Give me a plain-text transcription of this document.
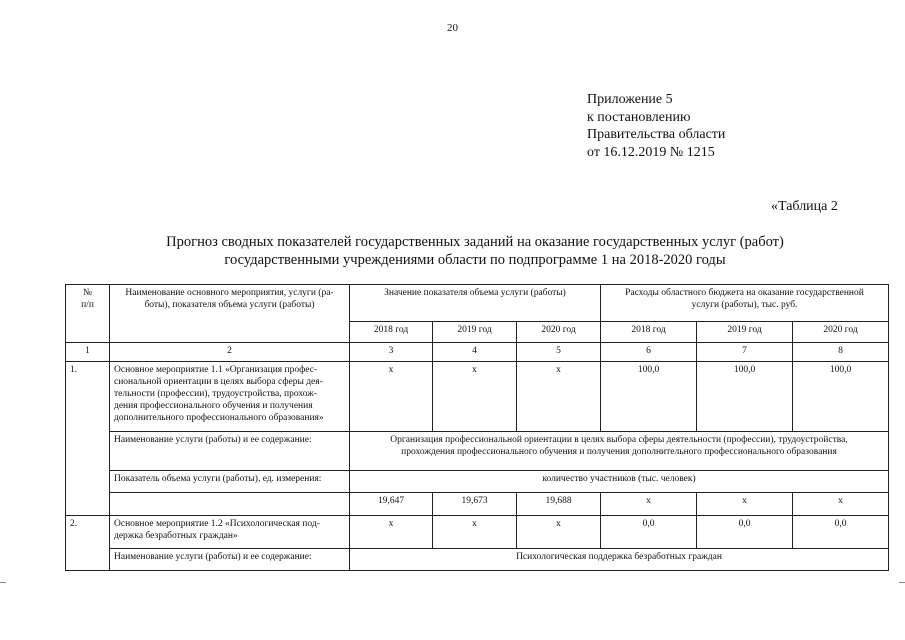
20
Приложение 5
к постановлению
Правительства области
от 16.12.2019 № 1215
«Таблица 2
Прогноз сводных показателей государственных заданий на оказание государственных услуг (работ)
государственными учреждениями области по подпрограмме 1 на 2018-2020 годы
№
п/п	Наименование основного мероприятия, услуги (ра-
боты), показателя объема услуги (работы)	Значение показателя объема услуги (работы)			Расходы областного бюджета на оказание государственной
услуги (работы), тыс. руб.		
		2018 год	2019 год	2020 год	2018 год	2019 год	2020 год
1	2	3	4	5	6	7	8
1.	Основное мероприятие 1.1 «Организация профес-
сиональной ориентации в целях выбора сферы дея-
тельности (профессии), трудоустройства, прохож-
дения профессионального обучения и получения
дополнительного профессионального образования»	х	х	х	100,0	100,0	100,0
	Наименование услуги (работы) и ее содержание:	Организация профессиональной ориентации в целях выбора сферы деятельности (профессии), трудоустройства,
прохождения профессионального обучения и получения дополнительного профессионального образования					
	Показатель объема услуги (работы), ед. измерения:	количество участников (тыс. человек)					
		19,647	19,673	19,688	х	х	х
2.	Основное мероприятие 1.2 «Психологическая под-
держка безработных граждан»	х	х	х	0,0	0,0	0,0
	Наименование услуги (работы) и ее содержание:	Психологическая поддержка безработных граждан					
